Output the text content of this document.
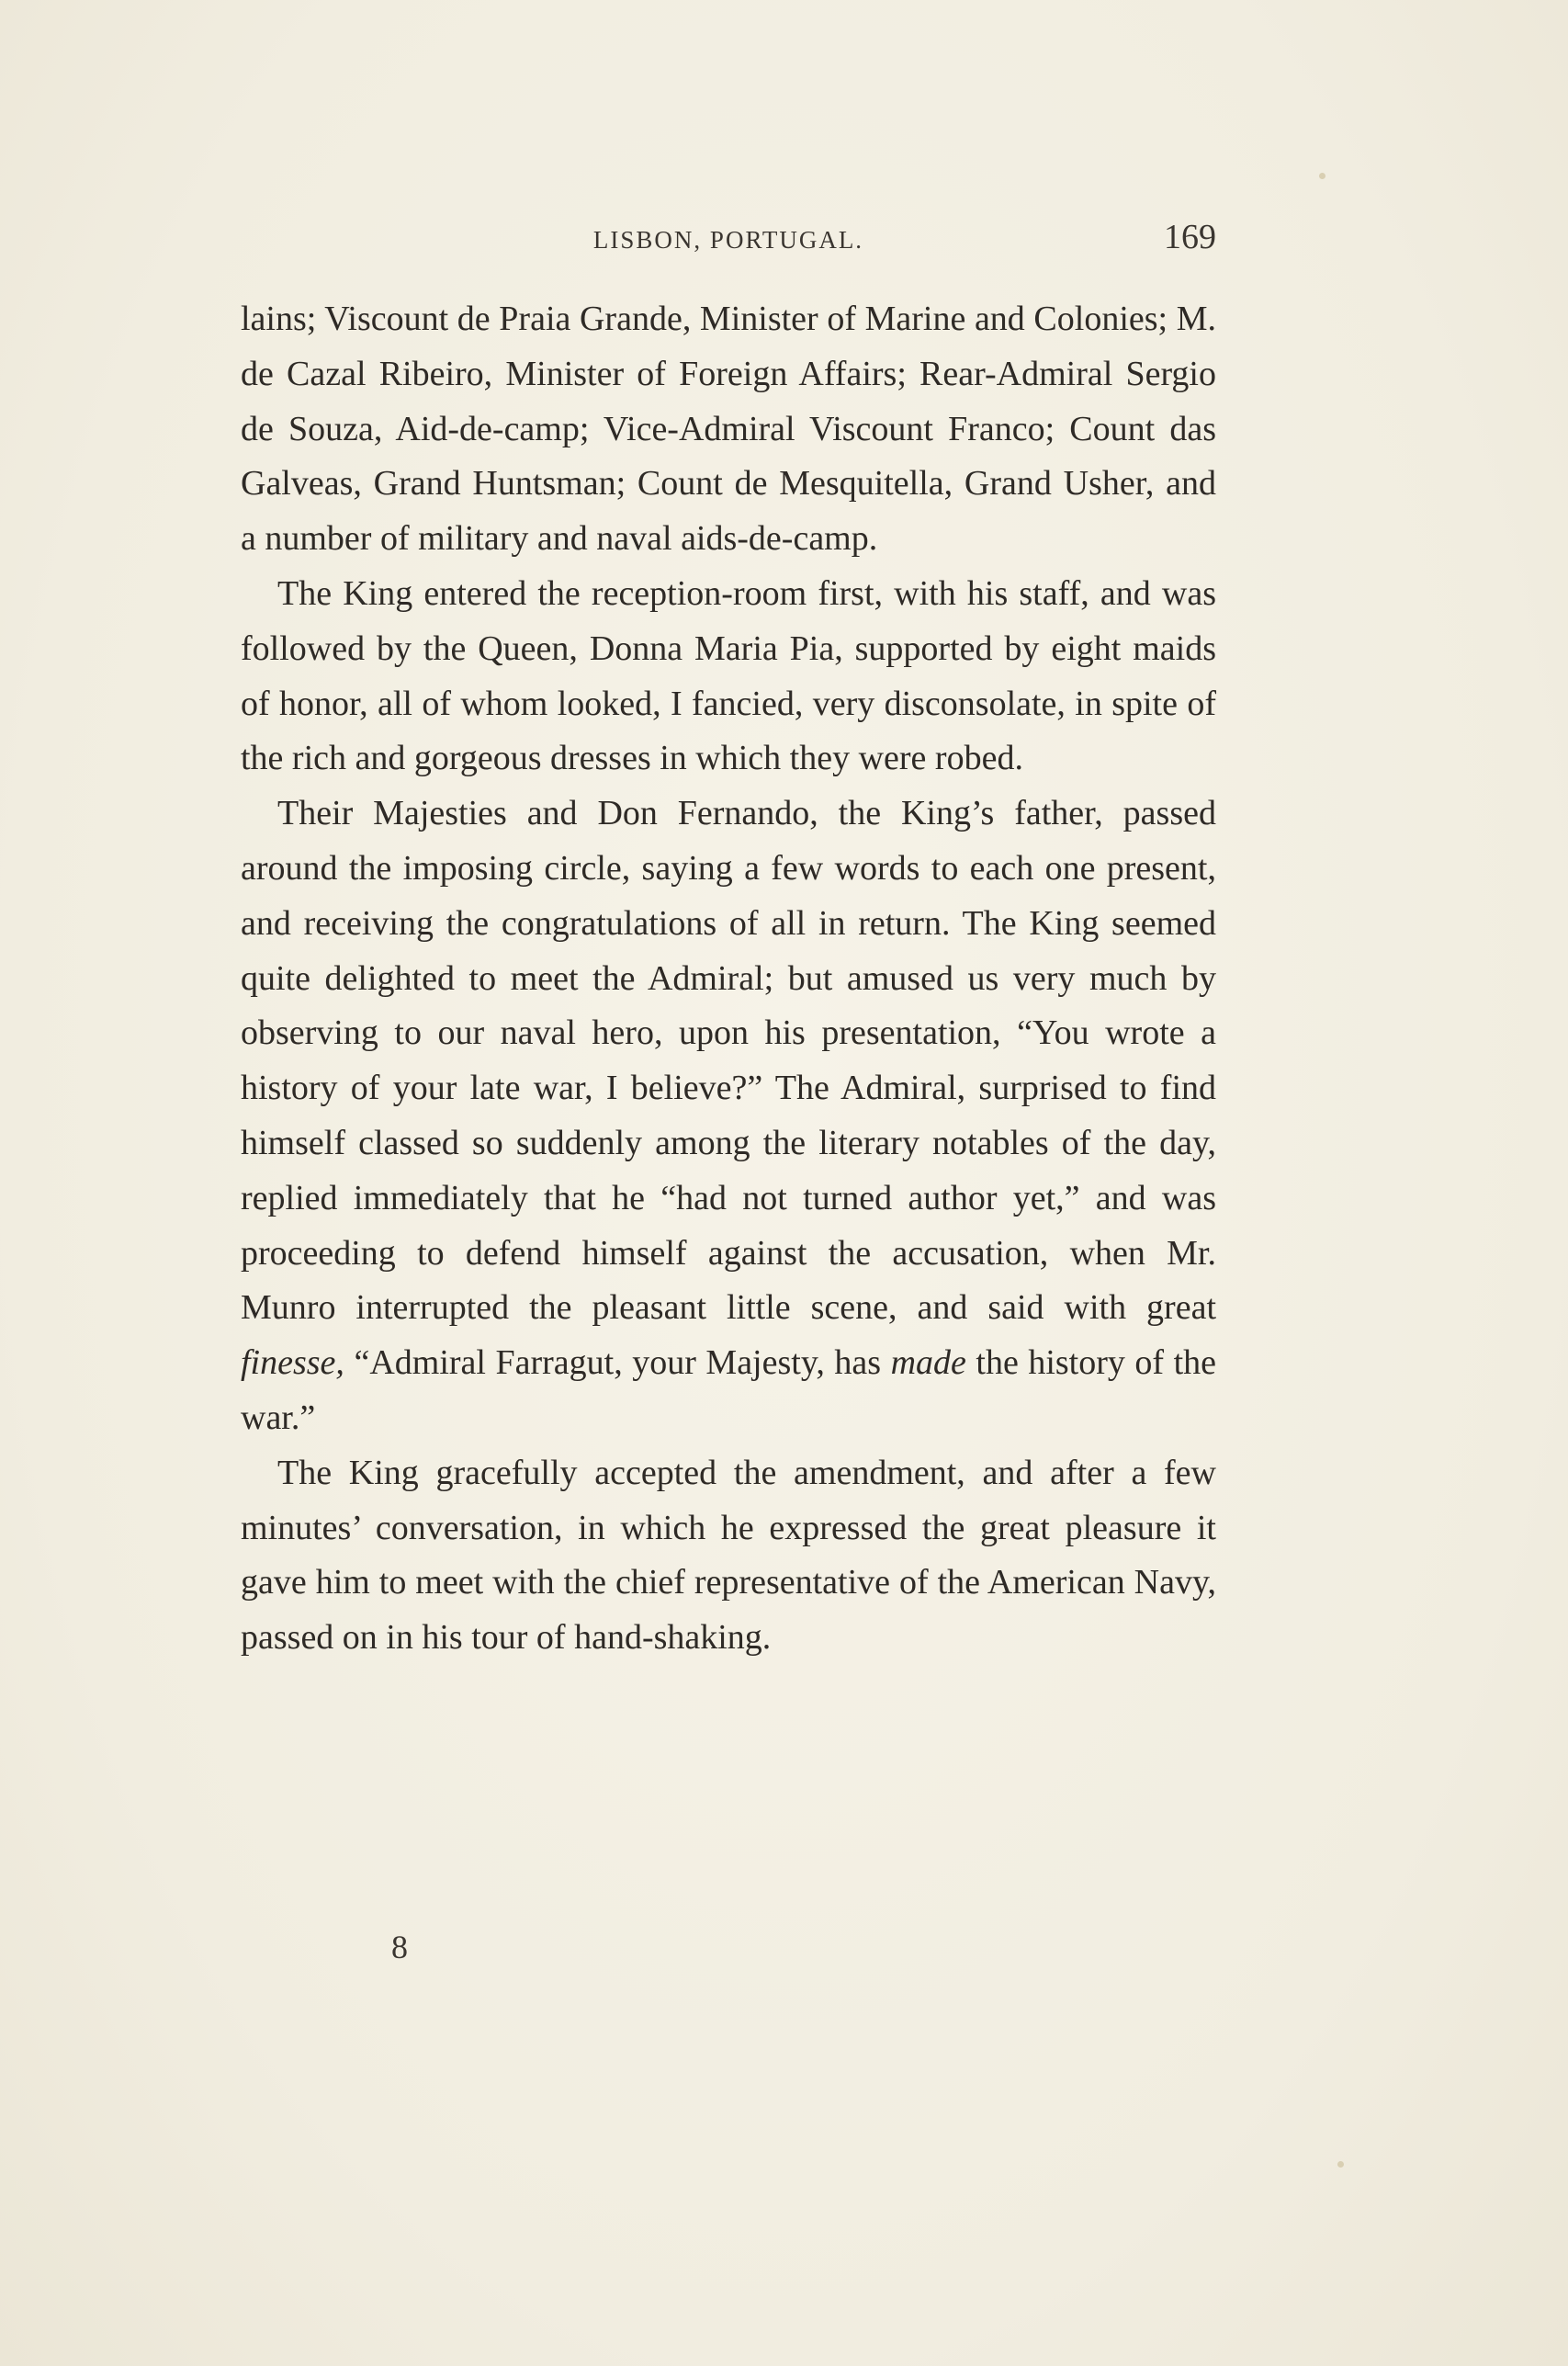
LISBON, PORTUGAL.	169

lains; Viscount de Praia Grande, Minister of Marine and Colonies; M. de Cazal Ribeiro, Minister of Foreign Affairs; Rear-Admiral Sergio de Souza, Aid-de-camp; Vice-Admiral Viscount Franco; Count das Galveas, Grand Huntsman; Count de Mesquitella, Grand Usher, and a number of military and naval aids-de-camp.

The King entered the reception-room first, with his staff, and was followed by the Queen, Donna Maria Pia, supported by eight maids of honor, all of whom looked, I fancied, very disconsolate, in spite of the rich and gorgeous dresses in which they were robed.

Their Majesties and Don Fernando, the King’s father, passed around the imposing circle, saying a few words to each one present, and receiving the congratulations of all in return. The King seemed quite delighted to meet the Admiral; but amused us very much by observing to our naval hero, upon his presentation, “You wrote a history of your late war, I believe?” The Admiral, surprised to find himself classed so suddenly among the literary notables of the day, replied immediately that he “had not turned author yet,” and was proceeding to defend himself against the accusation, when Mr. Munro interrupted the pleasant little scene, and said with great finesse, “Admiral Farragut, your Majesty, has made the history of the war.”

The King gracefully accepted the amendment, and after a few minutes’ conversation, in which he expressed the great pleasure it gave him to meet with the chief representative of the American Navy, passed on in his tour of hand-shaking.

8
